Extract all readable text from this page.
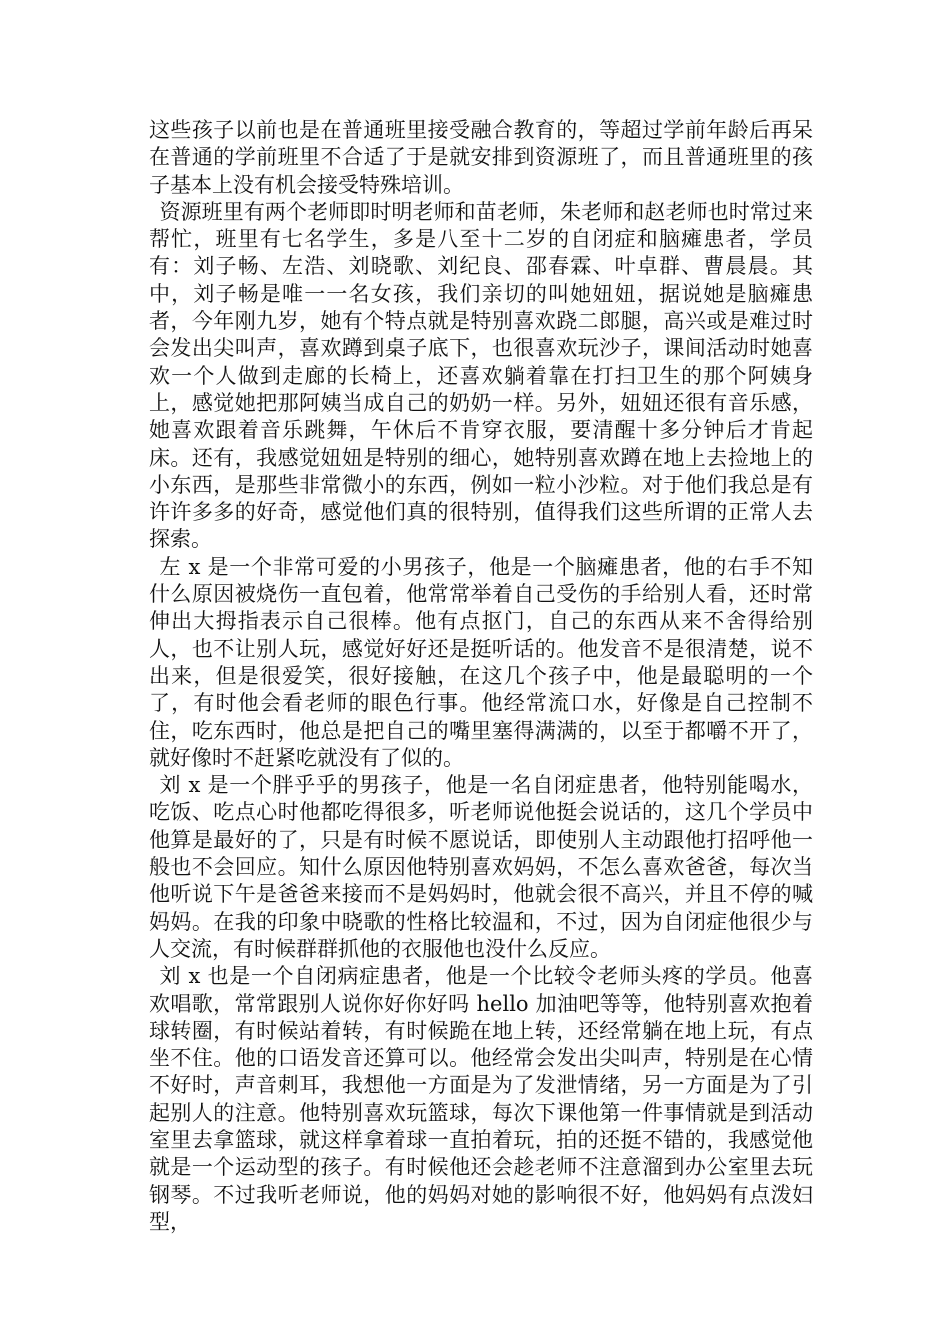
这些孩子以前也是在普通班里接受融合教育的，等超过学前年龄后再呆在普通的学前班里不合适了于是就安排到资源班了，而且普通班里的孩子基本上没有机会接受特殊培训。

资源班里有两个老师即时明老师和苗老师，朱老师和赵老师也时常过来帮忙，班里有七名学生，多是八至十二岁的自闭症和脑瘫患者，学员有：刘子畅、左浩、刘晓歌、刘纪良、邵春霖、叶卓群、曹晨晨。其中，刘子畅是唯一一名女孩，我们亲切的叫她妞妞，据说她是脑瘫患者，今年刚九岁，她有个特点就是特别喜欢跷二郎腿，高兴或是难过时会发出尖叫声，喜欢蹲到桌子底下，也很喜欢玩沙子，课间活动时她喜欢一个人做到走廊的长椅上，还喜欢躺着靠在打扫卫生的那个阿姨身上，感觉她把那阿姨当成自己的奶奶一样。另外，妞妞还很有音乐感，她喜欢跟着音乐跳舞，午休后不肯穿衣服，要清醒十多分钟后才肯起床。还有，我感觉妞妞是特别的细心，她特别喜欢蹲在地上去捡地上的小东西，是那些非常微小的东西，例如一粒小沙粒。对于他们我总是有许许多多的好奇，感觉他们真的很特别，值得我们这些所谓的正常人去探索。

左 x 是一个非常可爱的小男孩子，他是一个脑瘫患者，他的右手不知什么原因被烧伤一直包着，他常常举着自己受伤的手给别人看，还时常伸出大拇指表示自己很棒。他有点抠门，自己的东西从来不舍得给别人，也不让别人玩，感觉好好还是挺听话的。他发音不是很清楚，说不出来，但是很爱笑，很好接触，在这几个孩子中，他是最聪明的一个了，有时他会看老师的眼色行事。他经常流口水，好像是自己控制不住，吃东西时，他总是把自己的嘴里塞得满满的，以至于都嚼不开了，就好像时不赶紧吃就没有了似的。

刘 x 是一个胖乎乎的男孩子，他是一名自闭症患者，他特别能喝水，吃饭、吃点心时他都吃得很多，听老师说他挺会说话的，这几个学员中他算是最好的了，只是有时候不愿说话，即使别人主动跟他打招呼他一般也不会回应。知什么原因他特别喜欢妈妈，不怎么喜欢爸爸，每次当他听说下午是爸爸来接而不是妈妈时，他就会很不高兴，并且不停的喊妈妈。在我的印象中晓歌的性格比较温和，不过，因为自闭症他很少与人交流，有时候群群抓他的衣服他也没什么反应。

刘 x 也是一个自闭病症患者，他是一个比较令老师头疼的学员。他喜欢唱歌，常常跟别人说你好你好吗 hello 加油吧等等，他特别喜欢抱着球转圈，有时候站着转，有时候跪在地上转，还经常躺在地上玩，有点坐不住。他的口语发音还算可以。他经常会发出尖叫声，特别是在心情不好时，声音刺耳，我想他一方面是为了发泄情绪，另一方面是为了引起别人的注意。他特别喜欢玩篮球，每次下课他第一件事情就是到活动室里去拿篮球，就这样拿着球一直拍着玩，拍的还挺不错的，我感觉他就是一个运动型的孩子。有时候他还会趁老师不注意溜到办公室里去玩钢琴。不过我听老师说，他的妈妈对她的影响很不好，他妈妈有点泼妇型，
